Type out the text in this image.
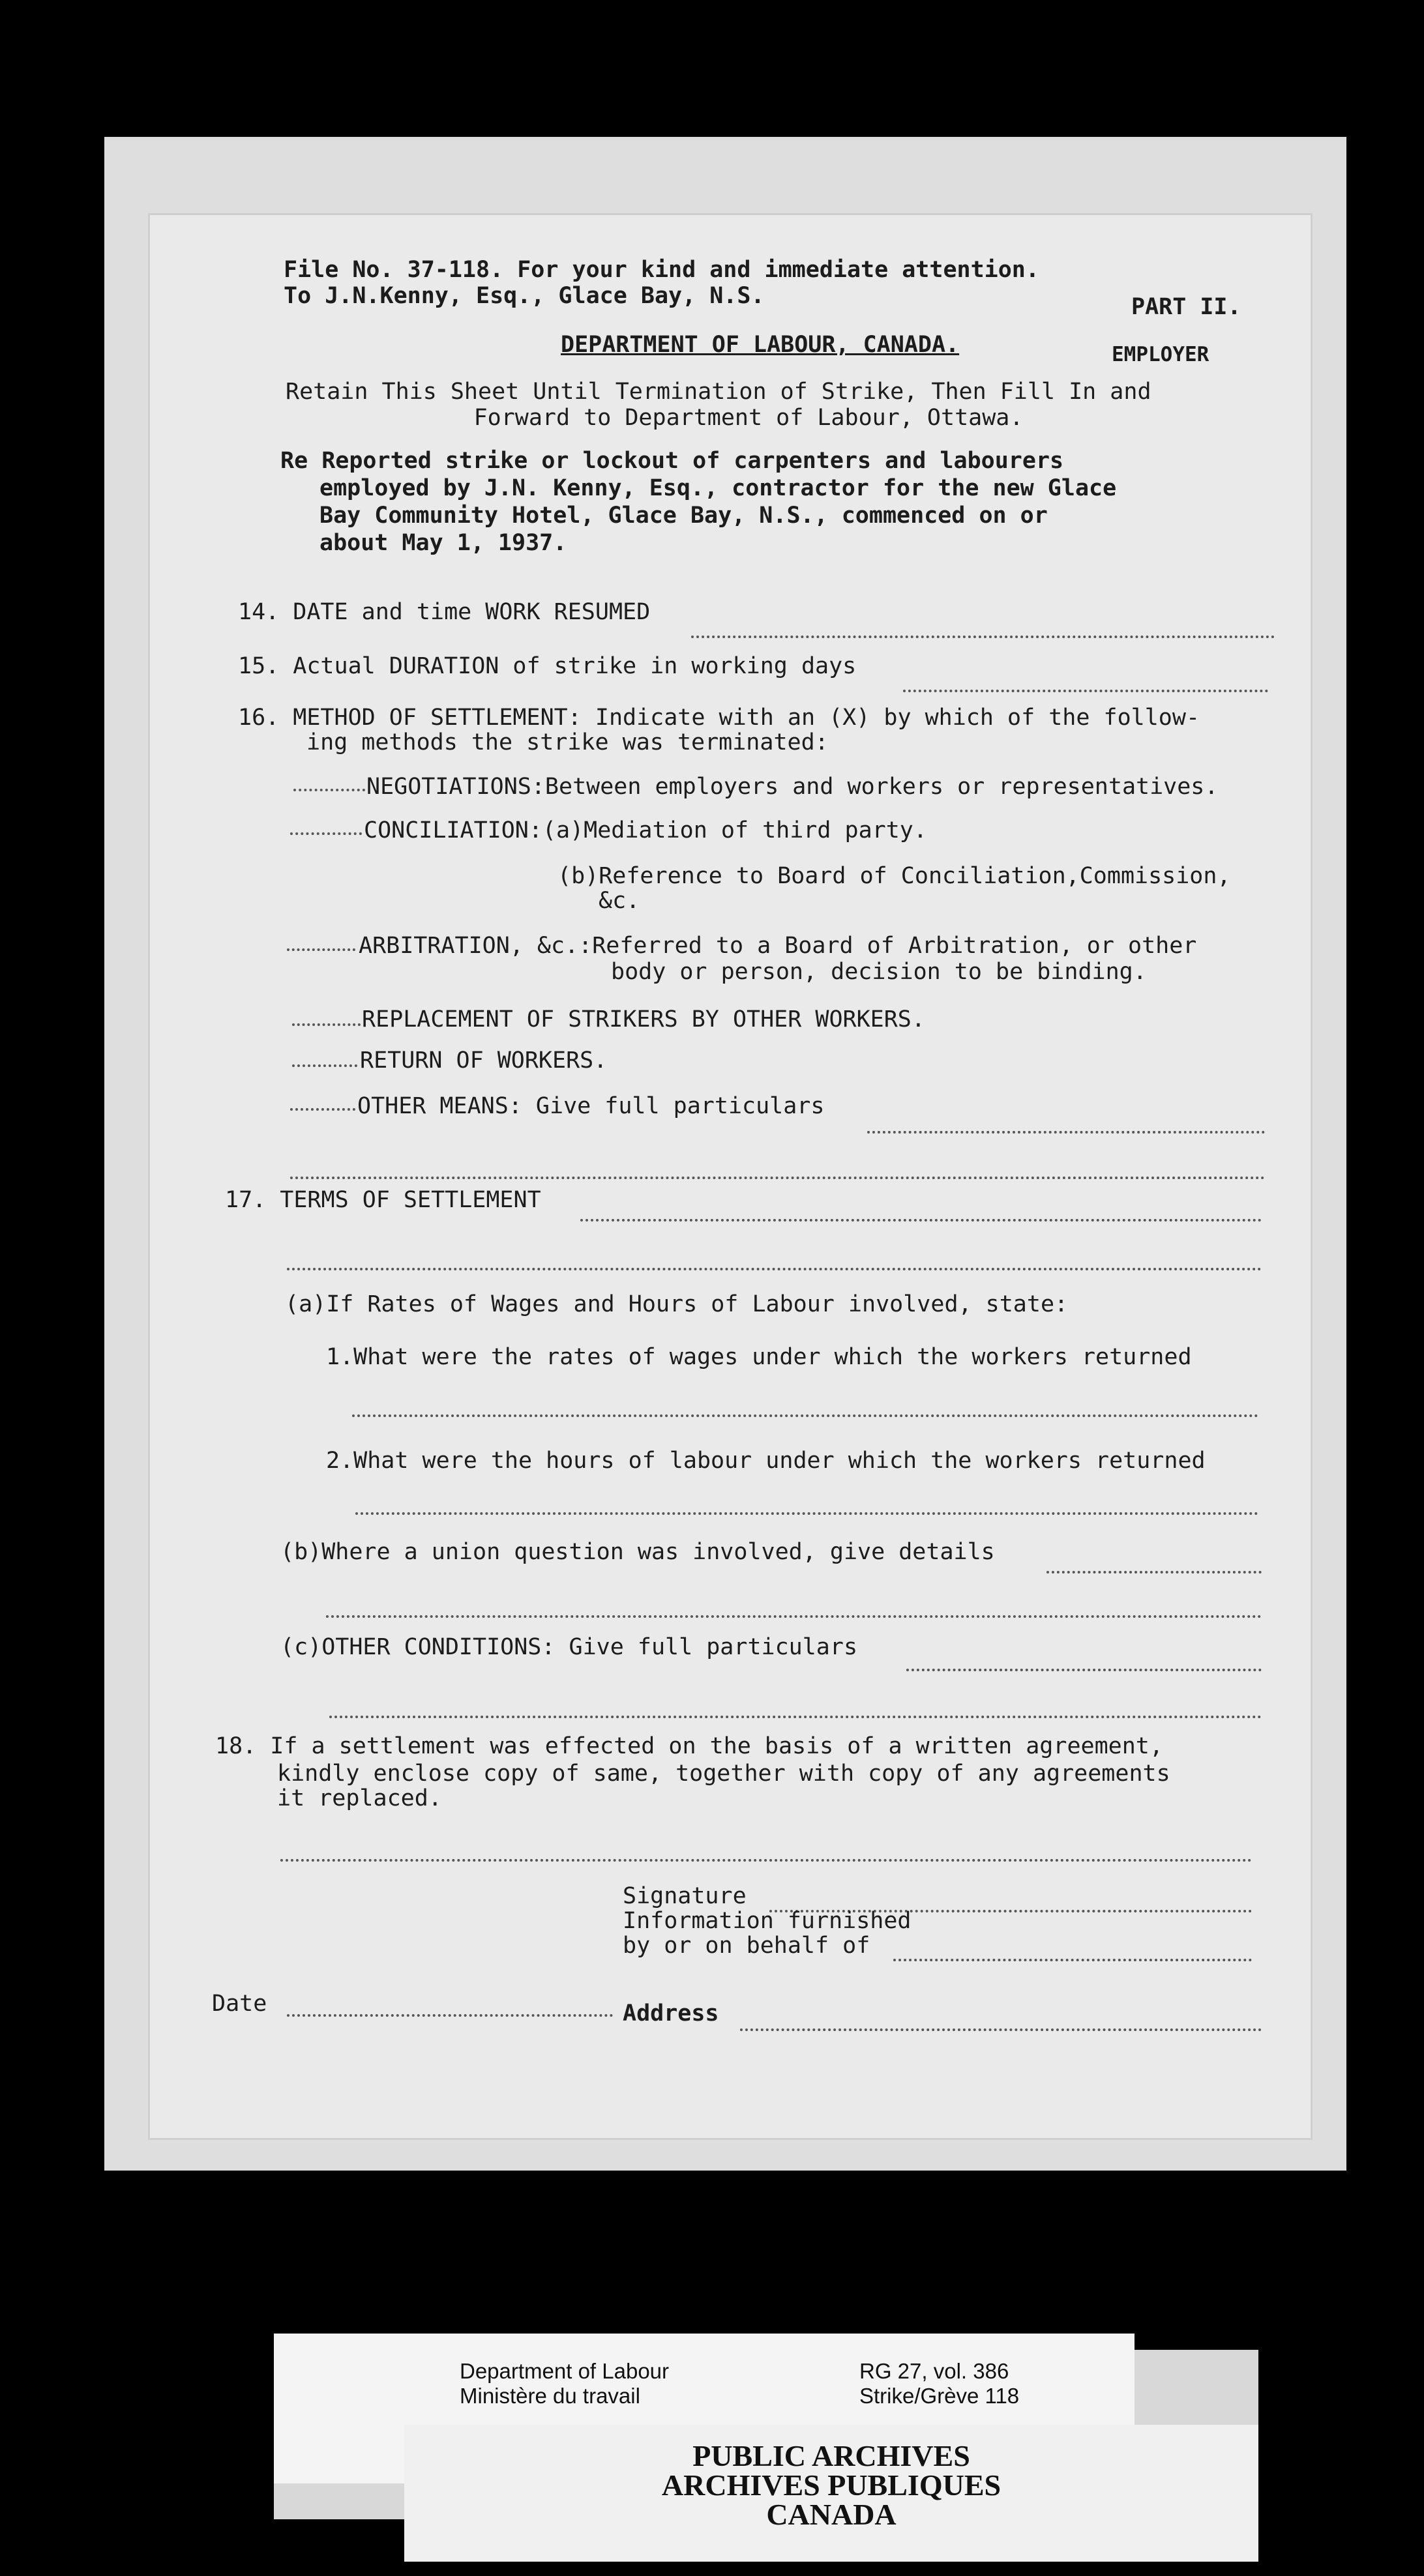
File No. 37-118. For your kind and immediate attention.
To J.N.Kenny, Esq., Glace Bay, N.S.	PART II.
DEPARTMENT OF LABOUR, CANADA.	EMPLOYER
Retain This Sheet Until Termination of Strike, Then Fill In and
Forward to Department of Labour, Ottawa.
Re Reported strike or lockout of carpenters and labourers
employed by J.N. Kenny, Esq., contractor for the new Glace
Bay Community Hotel, Glace Bay, N.S., commenced on or
about May 1, 1937.
14. DATE and time WORK RESUMED
15. Actual DURATION of strike in working days
16. METHOD OF SETTLEMENT: Indicate with an (X) by which of the follow-
ing methods the strike was terminated:
NEGOTIATIONS:Between employers and workers or representatives.
CONCILIATION:(a)Mediation of third party.
(b)Reference to Board of Conciliation,Commission,
&c.
ARBITRATION, &c.:Referred to a Board of Arbitration, or other
body or person, decision to be binding.
REPLACEMENT OF STRIKERS BY OTHER WORKERS.
RETURN OF WORKERS.
OTHER MEANS: Give full particulars
17. TERMS OF SETTLEMENT
(a)If Rates of Wages and Hours of Labour involved, state:
1.What were the rates of wages under which the workers returned
2.What were the hours of labour under which the workers returned
(b)Where a union question was involved, give details
(c)OTHER CONDITIONS: Give full particulars
18. If a settlement was effected on the basis of a written agreement,
kindly enclose copy of same, together with copy of any agreements
it replaced.
Signature
Information furnished
by or on behalf of
Date	Address
Department of Labour
Ministère du travail
RG 27, vol. 386
Strike/Grève 118
PUBLIC ARCHIVES
ARCHIVES PUBLIQUES
CANADA
